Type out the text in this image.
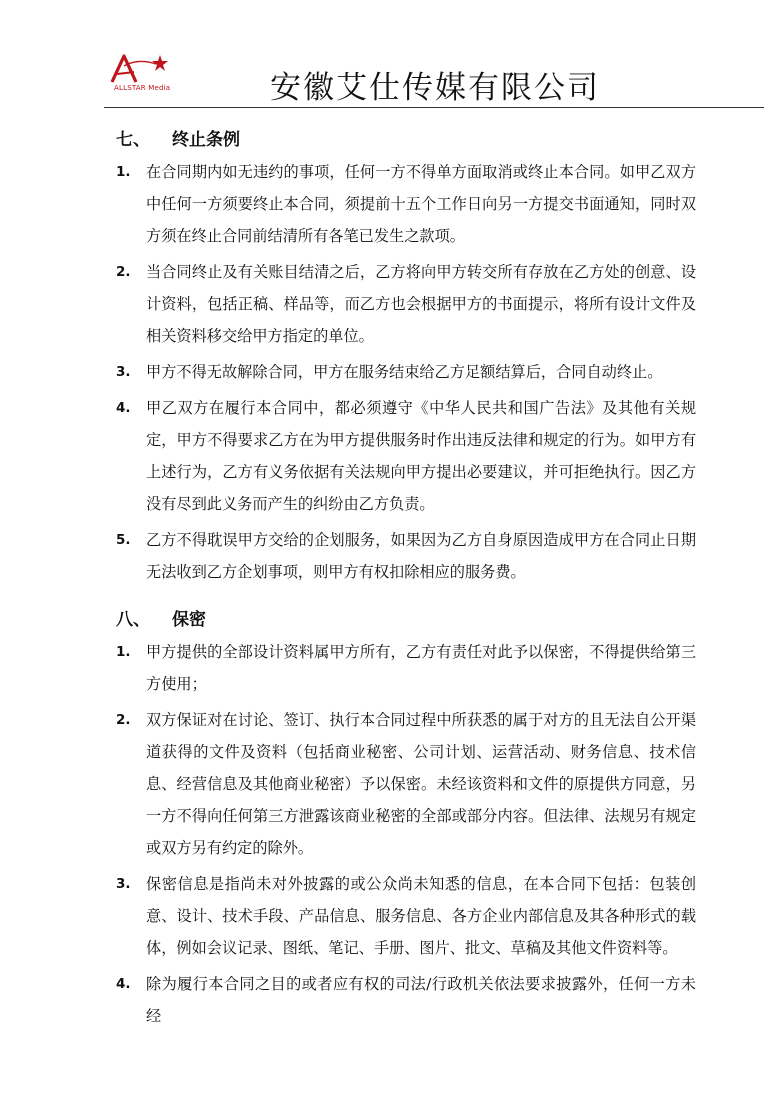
ALLSTAR Media	安徽艾仕传媒有限公司
七、 终止条例
1. 在合同期内如无违约的事项，任何一方不得单方面取消或终止本合同。如甲乙双方中任何一方须要终止本合同，须提前十五个工作日向另一方提交书面通知，同时双方须在终止合同前结清所有各笔已发生之款项。
2. 当合同终止及有关账目结清之后，乙方将向甲方转交所有存放在乙方处的创意、设计资料，包括正稿、样品等，而乙方也会根据甲方的书面提示，将所有设计文件及相关资料移交给甲方指定的单位。
3. 甲方不得无故解除合同，甲方在服务结束给乙方足额结算后，合同自动终止。
4. 甲乙双方在履行本合同中，都必须遵守《中华人民共和国广告法》及其他有关规定，甲方不得要求乙方在为甲方提供服务时作出违反法律和规定的行为。如甲方有上述行为，乙方有义务依据有关法规向甲方提出必要建议，并可拒绝执行。因乙方没有尽到此义务而产生的纠纷由乙方负责。
5. 乙方不得耽误甲方交给的企划服务，如果因为乙方自身原因造成甲方在合同止日期无法收到乙方企划事项，则甲方有权扣除相应的服务费。
八、 保密
1. 甲方提供的全部设计资料属甲方所有，乙方有责任对此予以保密，不得提供给第三方使用；
2. 双方保证对在讨论、签订、执行本合同过程中所获悉的属于对方的且无法自公开渠道获得的文件及资料（包括商业秘密、公司计划、运营活动、财务信息、技术信息、经营信息及其他商业秘密）予以保密。未经该资料和文件的原提供方同意，另一方不得向任何第三方泄露该商业秘密的全部或部分内容。但法律、法规另有规定或双方另有约定的除外。
3. 保密信息是指尚未对外披露的或公众尚未知悉的信息，在本合同下包括：包装创意、设计、技术手段、产品信息、服务信息、各方企业内部信息及其各种形式的载体，例如会议记录、图纸、笔记、手册、图片、批文、草稿及其他文件资料等。
4. 除为履行本合同之目的或者应有权的司法/行政机关依法要求披露外，任何一方未经
